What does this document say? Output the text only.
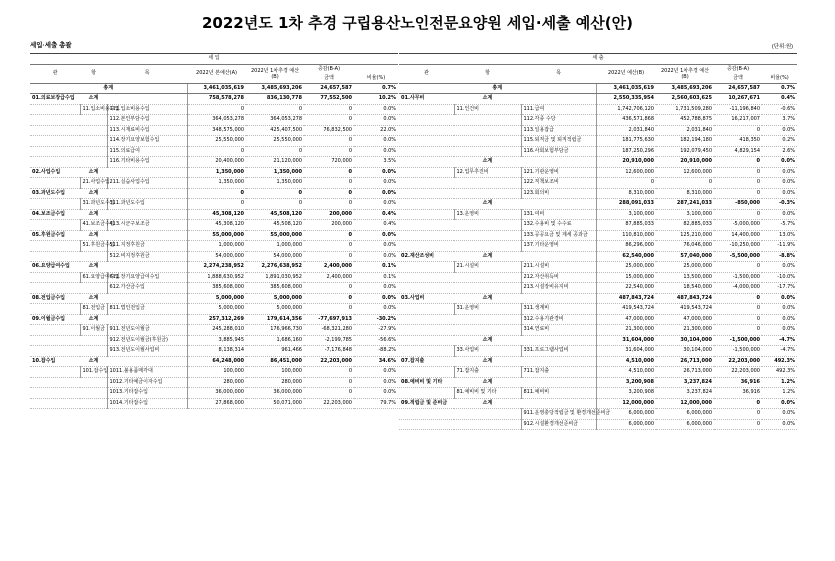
2022년도 1차 추경 구립용산노인전문요양원 세입·세출 예산(안)
세입·세출 총괄	(단위:원)
세 입						
관	항	목	2022년 본예산(A)	2022년 1차추경 예산(B)	증감(B-A)
금액	비율(%)

총계			3,461,035,619	3,485,693,206	24,657,587	0.7%
01.의료보장급수입	소계		758,578,278	836,130,778	77,552,500	10.2%
	11.입소비용수입	111.입소비용수입	0	0	0	0.0%
		112.본인부담수입	364,053,278	364,053,278	0	0.0%
		113.시재료비수입	348,575,000	425,407,500	76,832,500	22.0%
		114.장기요양보험수입	25,550,000	25,550,000	0	0.0%
		115.의료급여	0	0	0	0.0%
		116.기타비용수입	20,400,000	21,120,000	720,000	3.5%
02.사업수입	소계		1,350,000	1,350,000	0	0.0%
	21.사업수입	211.실습사업수입	1,350,000	1,350,000	0	0.0%
03.과년도수입	소계		0	0	0	0.0%
	31.과년도수입	311.과년도수입	0	0	0	0.0%
04.보조금수입	소계		45,308,120	45,508,120	200,000	0.4%
	41.보조금수입	413.시군구보조금	45,308,120	45,508,120	200,000	0.4%
05.후원금수입	소계		55,000,000	55,000,000	0	0.0%
	51.후원금수입	511.지정후원금	1,000,000	1,000,000	0	0.0%
		512.비지정후원금	54,000,000	54,000,000	0	0.0%
06.요양급여수입	소계		2,274,238,952	2,276,638,952	2,400,000	0.1%
	61.요양급여수입	611.장기요양급여수입	1,888,630,952	1,891,030,952	2,400,000	0.1%
		612.가산금수입	385,608,000	385,608,000	0	0.0%
08.전입금수입	소계		5,000,000	5,000,000	0	0.0%
	81.전입금	811.법인전입금	5,000,000	5,000,000	0	0.0%
09.이월금수입	소계		257,312,269	179,614,356	-77,697,913	-30.2%
	91.이월금	911.전년도이월금	245,288,010	176,966,730	-68,321,280	-27.9%
		912.전년도이월금(후원금)	3,885,945	1,686,160	-2,199,785	-56.6%
		913.전년도이월사업비	8,138,314	961,466	-7,176,848	-88.2%
10.잡수입	소계		64,248,000	86,451,000	22,203,000	34.6%
	101.잡수입	1011.불용품매각대	100,000	100,000	0	0.0%
		1012.기타예금이자수입	280,000	280,000	0	0.0%
		1013.기타잡수입	36,000,000	36,000,000	0	0.0%
		1014.기타잡수입	27,868,000	50,071,000	22,203,000	79.7%
세 출						
관	항	목	2022년 예산(B)	2022년 1차추경 예산(B)	증감(B-A)
금액	비율(%)

총계			3,461,035,619	3,485,693,206	24,657,587	0.7%
01.사무비	소계		2,550,335,954	2,560,603,625	10,267,671	0.4%
	11.인건비	111.급여	1,742,706,120	1,731,509,280	-11,196,840	-0.6%
		112.각종 수당	436,571,868	452,788,875	16,217,007	3.7%
		113.일용잡급	2,031,840	2,031,840	0	0.0%
		115.퇴직금 및 퇴직적립금	181,775,630	182,194,180	418,350	0.2%
		116.사회보험부담금	187,250,296	192,079,450	4,829,154	2.6%
	소계		20,910,000	20,910,000	0	0.0%
	12.업무추진비	121.기관운영비	12,600,000	12,600,000	0	0.0%
		122.직책보조비	0	0	0	0.0%
		123.회의비	8,310,000	8,310,000	0	0.0%
	소계		288,091,033	287,241,033	-850,000	-0.3%
	13.운영비	131.여비	3,100,000	3,100,000	0	0.0%
		132.수용비 및 수수료	87,885,033	82,885,033	-5,000,000	-5.7%
		133.공공요금 및 제세 공과금	110,810,000	125,210,000	14,400,000	13.0%
		137.기타운영비	86,296,000	76,046,000	-10,250,000	-11.9%
02.재산조성비	소계		62,540,000	57,040,000	-5,500,000	-8.8%
	21.시설비	211.시설비	25,000,000	25,000,000	0	0.0%
		212.자산취득비	15,000,000	13,500,000	-1,500,000	-10.0%
		213.시설장비유지비	22,540,000	18,540,000	-4,000,000	-17.7%
03.사업비	소계		487,843,724	487,843,724	0	0.0%
	31.운영비	311.생계비	419,543,724	419,543,724	0	0.0%
		312.수용기관경비	47,000,000	47,000,000	0	0.0%
		314.연료비	21,300,000	21,300,000	0	0.0%
	소계		31,604,000	30,104,000	-1,500,000	-4.7%
	33.사업비	331.프로그램사업비	31,604,000	30,104,000	-1,500,000	-4.7%
07.잡지출	소계		4,510,000	26,713,000	22,203,000	492.3%
	71.잡지출	711.잡지출	4,510,000	26,713,000	22,203,000	492.3%
08.예비비 및 기타	소계		3,200,908	3,237,824	36,916	1.2%
	81.예비비 및 기타	811.예비비	3,200,908	3,237,824	36,916	1.2%
09.적립금 및 준비금	소계		12,000,000	12,000,000	0	0.0%
		911.운영충당적립금 및 환경개선준비금	6,000,000	6,000,000	0	0.0%
		912.시설환경개선준비금	6,000,000	6,000,000	0	0.0%
